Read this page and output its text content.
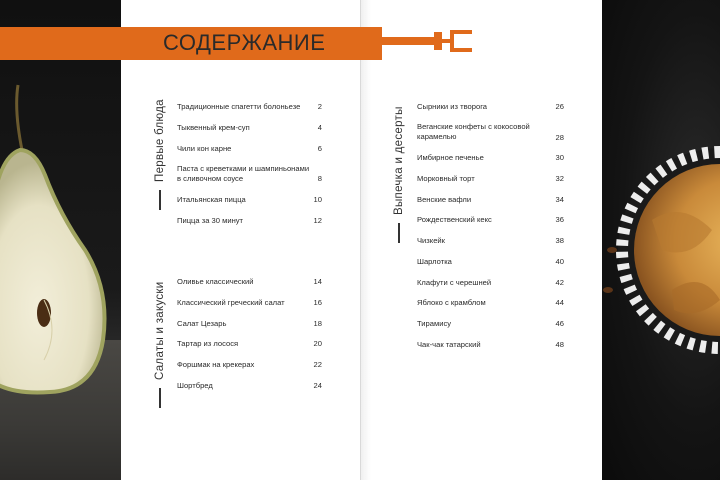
СОДЕРЖАНИЕ
Первые блюда
Салаты и закуски
Выпечка и десерты
Традиционные спагетти болоньезе	2
Тыквенный крем-суп	4
Чили кон карне	6
Паста с креветками и шампиньонами в сливочном соусе	8
Итальянская пицца	10
Пицца за 30 минут	12
Оливье классический	14
Классический греческий салат	16
Салат Цезарь	18
Тартар из лосося	20
Форшмак на крекерах	22
Шортбред	24
Сырники из творога	26
Веганские конфеты с кокосовой карамелью	28
Имбирное печенье	30
Морковный торт	32
Венские вафли	34
Рождественский кекс	36
Чизкейк	38
Шарлотка	40
Клафути с черешней	42
Яблоко с крамблом	44
Тирамису	46
Чак-чак татарский	48
